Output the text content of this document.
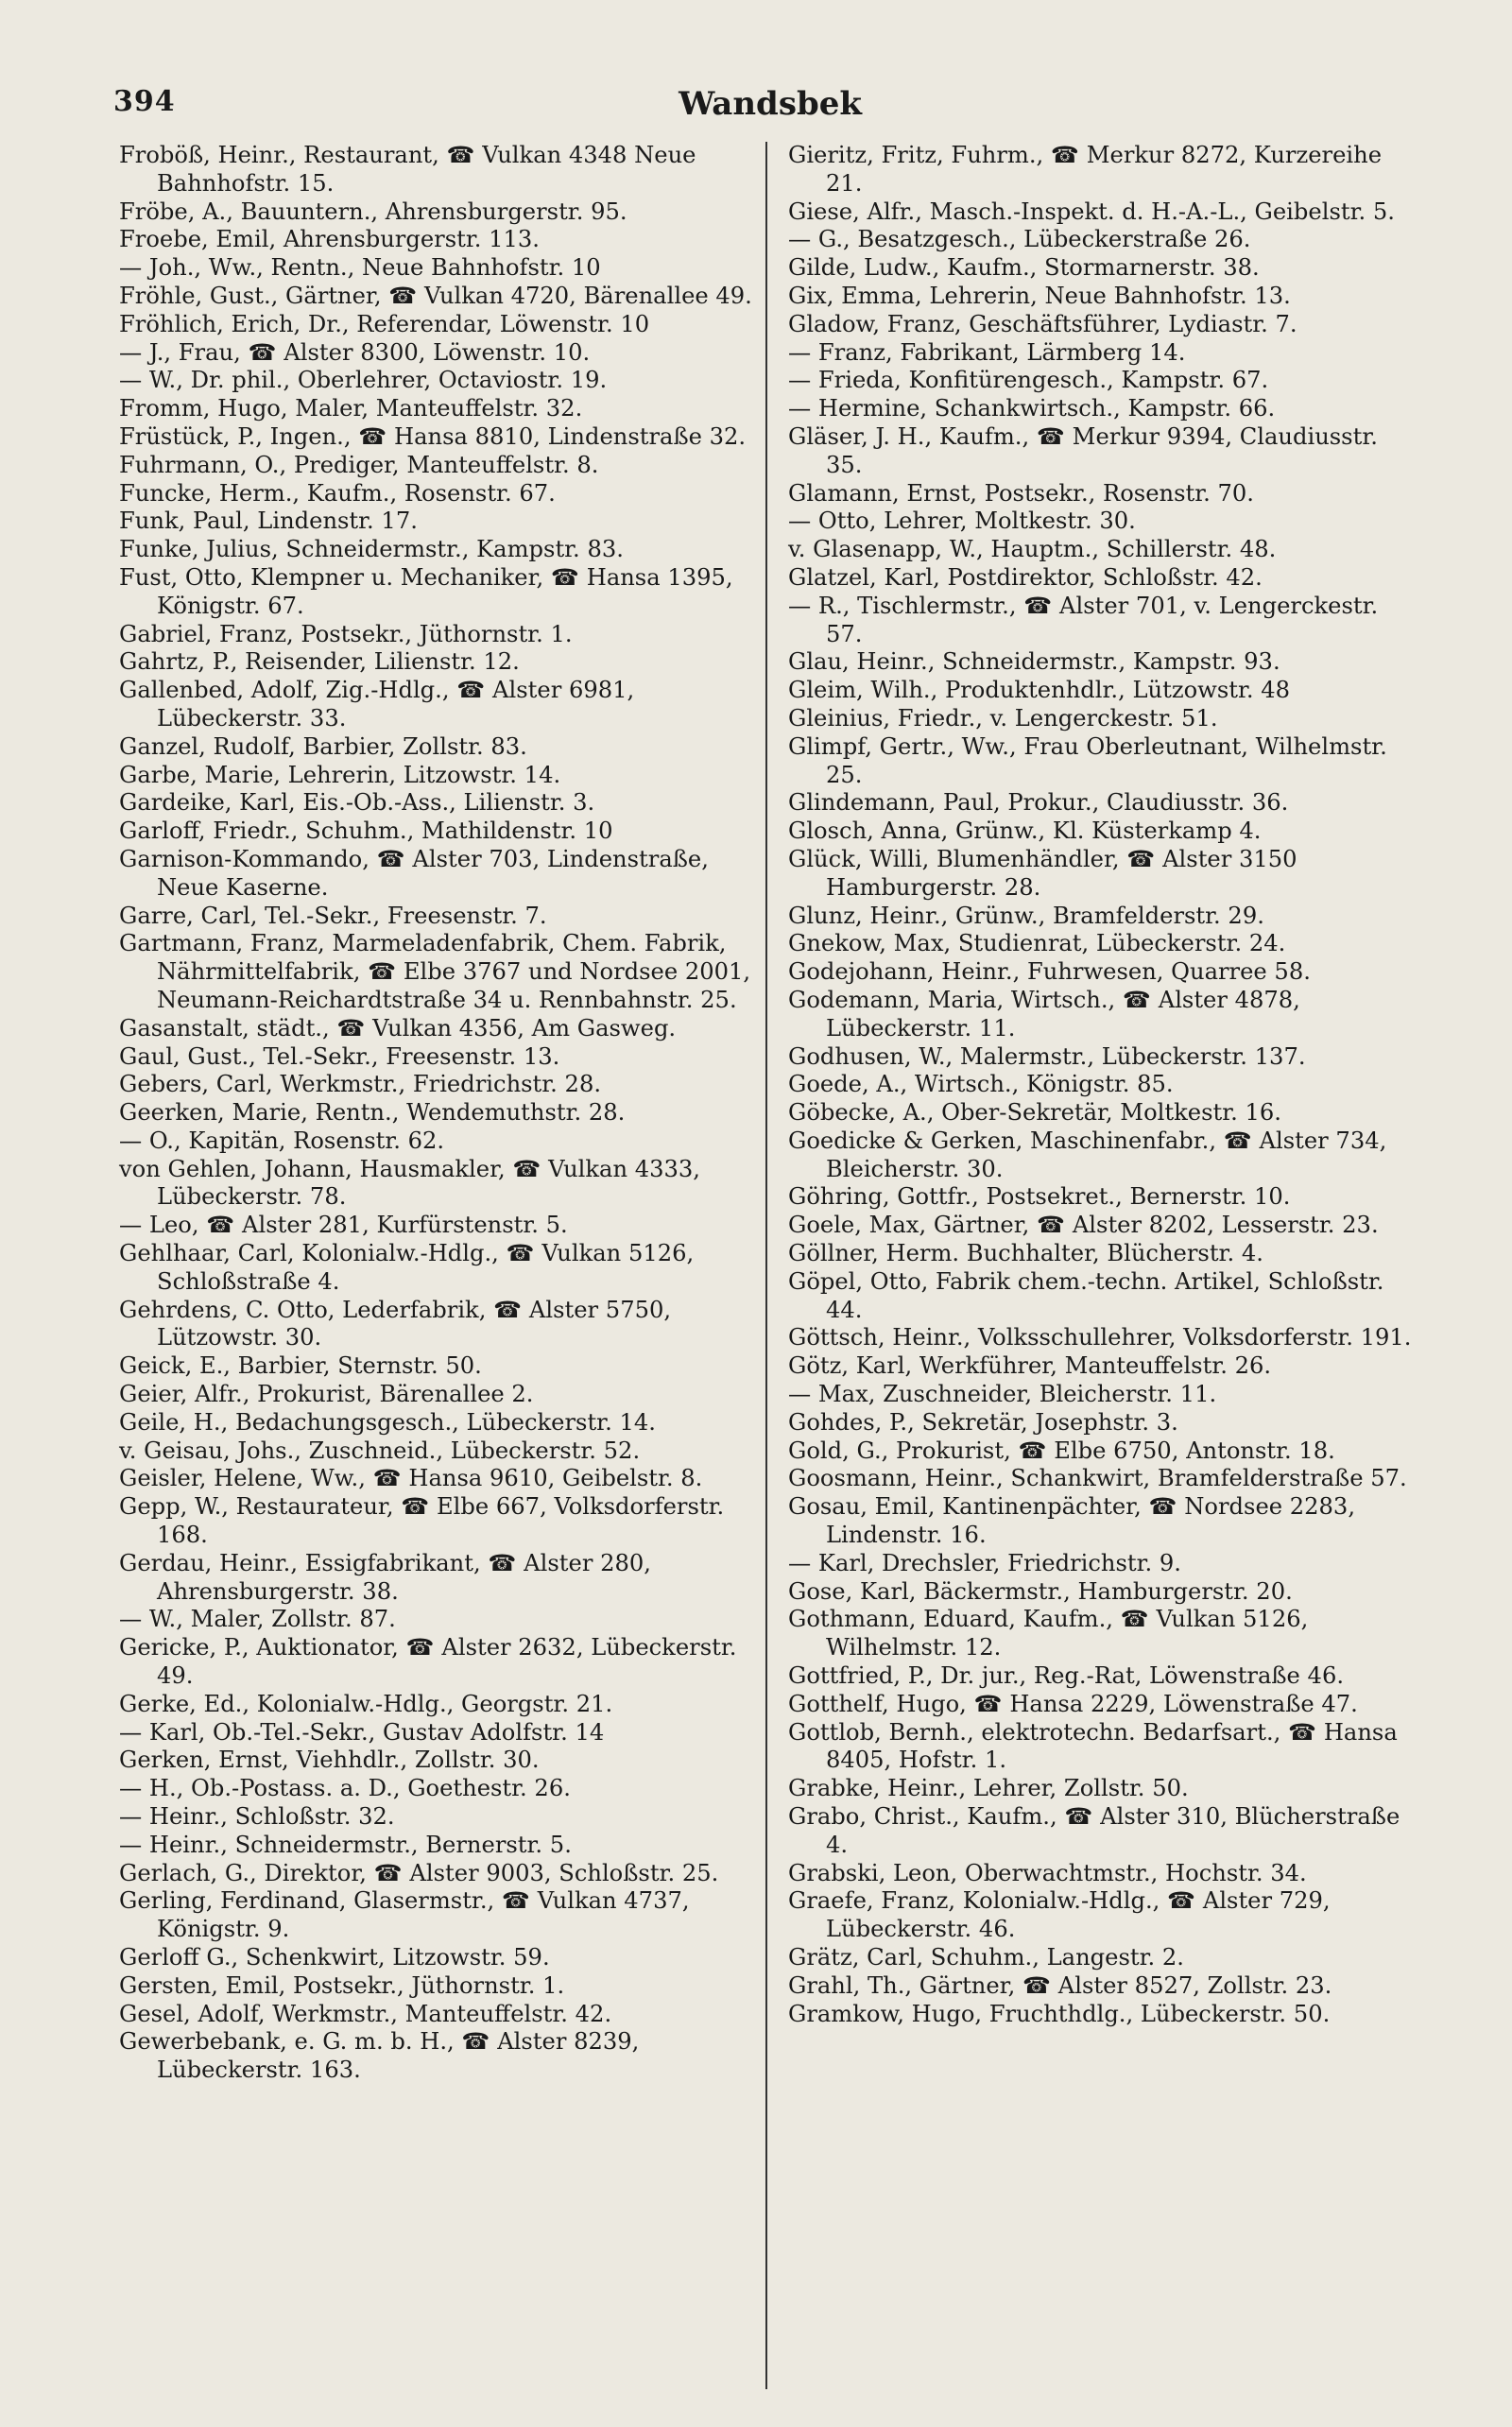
394	Wandsbek

Froböß, Heinr., Restaurant, ☎ Vulkan 4348 Neue Bahnhofstr. 15.

Fröbe, A., Bauuntern., Ahrensburgerstr. 95.

Froebe, Emil, Ahrensburgerstr. 113.

— Joh., Ww., Rentn., Neue Bahnhofstr. 10

Fröhle, Gust., Gärtner, ☎ Vulkan 4720, Bärenallee 49.

Fröhlich, Erich, Dr., Referendar, Löwenstr. 10

— J., Frau, ☎ Alster 8300, Löwenstr. 10.

— W., Dr. phil., Oberlehrer, Octaviostr. 19.

Fromm, Hugo, Maler, Manteuffelstr. 32.

Früstück, P., Ingen., ☎ Hansa 8810, Lindenstraße 32.

Fuhrmann, O., Prediger, Manteuffelstr. 8.

Funcke, Herm., Kaufm., Rosenstr. 67.

Funk, Paul, Lindenstr. 17.

Funke, Julius, Schneidermstr., Kampstr. 83.

Fust, Otto, Klempner u. Mechaniker, ☎ Hansa 1395, Königstr. 67.

Gabriel, Franz, Postsekr., Jüthornstr. 1.

Gahrtz, P., Reisender, Lilienstr. 12.

Gallenbed, Adolf, Zig.-Hdlg., ☎ Alster 6981, Lübeckerstr. 33.

Ganzel, Rudolf, Barbier, Zollstr. 83.

Garbe, Marie, Lehrerin, Litzowstr. 14.

Gardeike, Karl, Eis.-Ob.-Ass., Lilienstr. 3.

Garloff, Friedr., Schuhm., Mathildenstr. 10

Garnison-Kommando, ☎ Alster 703, Lindenstraße, Neue Kaserne.

Garre, Carl, Tel.-Sekr., Freesenstr. 7.

Gartmann, Franz, Marmeladenfabrik, Chem. Fabrik, Nährmittelfabrik, ☎ Elbe 3767 und Nordsee 2001, Neumann-Reichardtstraße 34 u. Rennbahnstr. 25.

Gasanstalt, städt., ☎ Vulkan 4356, Am Gasweg.

Gaul, Gust., Tel.-Sekr., Freesenstr. 13.

Gebers, Carl, Werkmstr., Friedrichstr. 28.

Geerken, Marie, Rentn., Wendemuthstr. 28.

— O., Kapitän, Rosenstr. 62.

von Gehlen, Johann, Hausmakler, ☎ Vulkan 4333, Lübeckerstr. 78.

— Leo, ☎ Alster 281, Kurfürstenstr. 5.

Gehlhaar, Carl, Kolonialw.-Hdlg., ☎ Vulkan 5126, Schloßstraße 4.

Gehrdens, C. Otto, Lederfabrik, ☎ Alster 5750, Lützowstr. 30.

Geick, E., Barbier, Sternstr. 50.

Geier, Alfr., Prokurist, Bärenallee 2.

Geile, H., Bedachungsgesch., Lübeckerstr. 14.

v. Geisau, Johs., Zuschneid., Lübeckerstr. 52.

Geisler, Helene, Ww., ☎ Hansa 9610, Geibelstr. 8.

Gepp, W., Restaurateur, ☎ Elbe 667, Volksdorferstr. 168.

Gerdau, Heinr., Essigfabrikant, ☎ Alster 280, Ahrensburgerstr. 38.

— W., Maler, Zollstr. 87.

Gericke, P., Auktionator, ☎ Alster 2632, Lübeckerstr. 49.

Gerke, Ed., Kolonialw.-Hdlg., Georgstr. 21.

— Karl, Ob.-Tel.-Sekr., Gustav Adolfstr. 14

Gerken, Ernst, Viehhdlr., Zollstr. 30.

— H., Ob.-Postass. a. D., Goethestr. 26.

— Heinr., Schloßstr. 32.

— Heinr., Schneidermstr., Bernerstr. 5.

Gerlach, G., Direktor, ☎ Alster 9003, Schloßstr. 25.

Gerling, Ferdinand, Glasermstr., ☎ Vulkan 4737, Königstr. 9.

Gerloff G., Schenkwirt, Litzowstr. 59.

Gersten, Emil, Postsekr., Jüthornstr. 1.

Gesel, Adolf, Werkmstr., Manteuffelstr. 42.

Gewerbebank, e. G. m. b. H., ☎ Alster 8239, Lübeckerstr. 163.

Gieritz, Fritz, Fuhrm., ☎ Merkur 8272, Kurzereihe 21.

Giese, Alfr., Masch.-Inspekt. d. H.-A.-L., Geibelstr. 5.

— G., Besatzgesch., Lübeckerstraße 26.

Gilde, Ludw., Kaufm., Stormarnerstr. 38.

Gix, Emma, Lehrerin, Neue Bahnhofstr. 13.

Gladow, Franz, Geschäftsführer, Lydiastr. 7.

— Franz, Fabrikant, Lärmberg 14.

— Frieda, Konfitürengesch., Kampstr. 67.

— Hermine, Schankwirtsch., Kampstr. 66.

Gläser, J. H., Kaufm., ☎ Merkur 9394, Claudiusstr. 35.

Glamann, Ernst, Postsekr., Rosenstr. 70.

— Otto, Lehrer, Moltkestr. 30.

v. Glasenapp, W., Hauptm., Schillerstr. 48.

Glatzel, Karl, Postdirektor, Schloßstr. 42.

— R., Tischlermstr., ☎ Alster 701, v. Lengerckestr. 57.

Glau, Heinr., Schneidermstr., Kampstr. 93.

Gleim, Wilh., Produktenhdlr., Lützowstr. 48

Gleinius, Friedr., v. Lengerckestr. 51.

Glimpf, Gertr., Ww., Frau Oberleutnant, Wilhelmstr. 25.

Glindemann, Paul, Prokur., Claudiusstr. 36.

Glosch, Anna, Grünw., Kl. Küsterkamp 4.

Glück, Willi, Blumenhändler, ☎ Alster 3150 Hamburgerstr. 28.

Glunz, Heinr., Grünw., Bramfelderstr. 29.

Gnekow, Max, Studienrat, Lübeckerstr. 24.

Godejohann, Heinr., Fuhrwesen, Quarree 58.

Godemann, Maria, Wirtsch., ☎ Alster 4878, Lübeckerstr. 11.

Godhusen, W., Malermstr., Lübeckerstr. 137.

Goede, A., Wirtsch., Königstr. 85.

Göbecke, A., Ober-Sekretär, Moltkestr. 16.

Goedicke & Gerken, Maschinenfabr., ☎ Alster 734, Bleicherstr. 30.

Göhring, Gottfr., Postsekret., Bernerstr. 10.

Goele, Max, Gärtner, ☎ Alster 8202, Lesserstr. 23.

Göllner, Herm. Buchhalter, Blücherstr. 4.

Göpel, Otto, Fabrik chem.-techn. Artikel, Schloßstr. 44.

Göttsch, Heinr., Volksschullehrer, Volksdorferstr. 191.

Götz, Karl, Werkführer, Manteuffelstr. 26.

— Max, Zuschneider, Bleicherstr. 11.

Gohdes, P., Sekretär, Josephstr. 3.

Gold, G., Prokurist, ☎ Elbe 6750, Antonstr. 18.

Goosmann, Heinr., Schankwirt, Bramfelderstraße 57.

Gosau, Emil, Kantinenpächter, ☎ Nordsee 2283, Lindenstr. 16.

— Karl, Drechsler, Friedrichstr. 9.

Gose, Karl, Bäckermstr., Hamburgerstr. 20.

Gothmann, Eduard, Kaufm., ☎ Vulkan 5126, Wilhelmstr. 12.

Gottfried, P., Dr. jur., Reg.-Rat, Löwenstraße 46.

Gotthelf, Hugo, ☎ Hansa 2229, Löwenstraße 47.

Gottlob, Bernh., elektrotechn. Bedarfsart., ☎ Hansa 8405, Hofstr. 1.

Grabke, Heinr., Lehrer, Zollstr. 50.

Grabo, Christ., Kaufm., ☎ Alster 310, Blücherstraße 4.

Grabski, Leon, Oberwachtmstr., Hochstr. 34.

Graefe, Franz, Kolonialw.-Hdlg., ☎ Alster 729, Lübeckerstr. 46.

Grätz, Carl, Schuhm., Langestr. 2.

Grahl, Th., Gärtner, ☎ Alster 8527, Zollstr. 23.

Gramkow, Hugo, Fruchthdlg., Lübeckerstr. 50.
